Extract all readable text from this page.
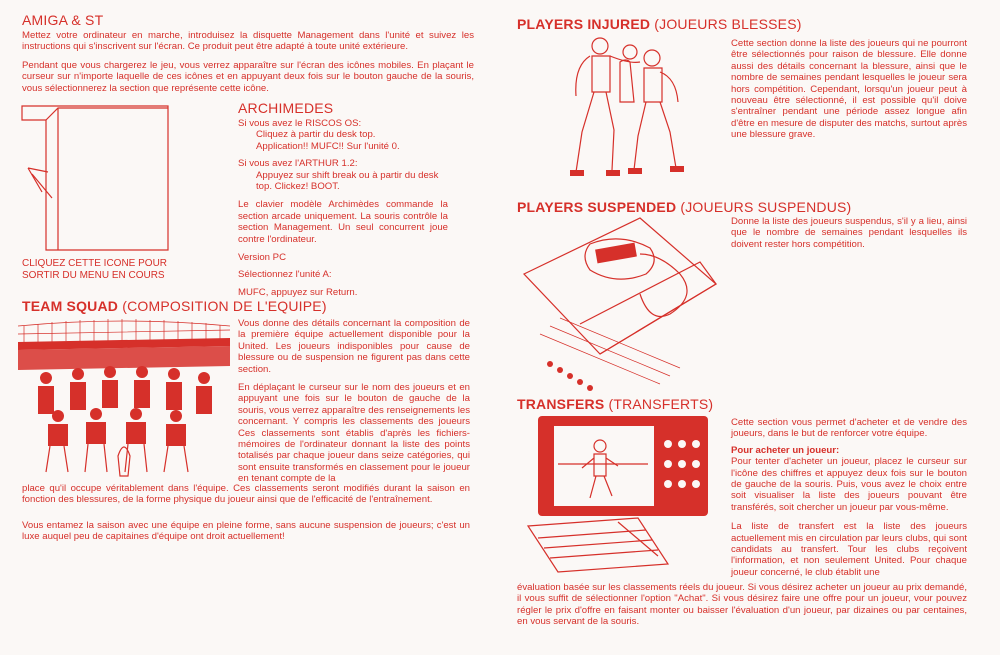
AMIGA & ST

Mettez votre ordinateur en marche, introduisez la disquette Management dans l'unité et suivez les instructions qui s'inscrivent sur l'écran. Ce produit peut être adapté à toute unité extérieure.

Pendant que vous chargerez le jeu, vous verrez apparaître sur l'écran des icônes mobiles. En plaçant le curseur sur n'importe laquelle de ces icônes et en appuyant deux fois sur le bouton gauche de la souris, vous sélectionnerez la section que représente cette icône.

CLIQUEZ CETTE ICONE POUR SORTIR DU MENU EN COURS

ARCHIMEDES

Si vous avez le RISCOS OS:

Cliquez à partir du desk top.

Application!! MUFC!! Sur l'unité 0.

Si vous avez l'ARTHUR 1.2:

Appuyez sur shift break ou à partir du desk top. Clickez! BOOT.

Le clavier modèle Archimèdes commande la section arcade uniquement. La souris contrôle la section Management. Un seul concurrent joue contre l'ordinateur.

Version PC

Sélectionnez l'unité A:

MUFC, appuyez sur Return.

TEAM SQUAD (COMPOSITION DE L'EQUIPE)

Vous donne des détails concernant la composition de la première équipe actuellement disponible pour la United. Les joueurs indisponibles pour cause de blessure ou de suspension ne figurent pas dans cette section.

En déplaçant le curseur sur le nom des joueurs et en appuyant une fois sur le bouton de gauche de la souris, vous verrez apparaître des renseignements les concernant. Y compris les classements des joueurs Ces classements sont établis d'après les fichiers-mémoires de l'ordinateur donnant la liste des points totalisés par chaque joueur dans seize catégories, qui sont ensuite transformés en classement pour le joueur en tenant compte de la

place qu'il occupe véritablement dans l'équipe. Ces classements seront modifiés durant la saison en fonction des blessures, de la forme physique du joueur ainsi que de l'efficacité de l'entraînement.

Vous entamez la saison avec une équipe en pleine forme, sans aucune suspension de joueurs; c'est un luxe auquel peu de capitaines d'équipe ont droit actuellement!

PLAYERS INJURED (JOUEURS BLESSES)

Cette section donne la liste des joueurs qui ne pourront être sélectionnés pour raison de blessure. Elle donne aussi des détails concernant la blessure, ainsi que le nombre de semaines pendant lesquelles le joueur sera hors compétition. Cependant, lorsqu'un joueur peut à nouveau être sélectionné, il est possible qu'il doive s'entraîner pendant une période assez longue afin d'être en mesure de disputer des matchs, surtout après une blessure grave.

PLAYERS SUSPENDED (JOUEURS SUSPENDUS)

Donne la liste des joueurs suspendus, s'il y a lieu, ainsi que le nombre de semaines pendant lesquelles ils doivent rester hors compétition.

TRANSFERS (TRANSFERTS)

Cette section vous permet d'acheter et de vendre des joueurs, dans le but de renforcer votre équipe.

Pour acheter un joueur:

Pour tenter d'acheter un joueur, placez le curseur sur l'icône des chiffres et appuyez deux fois sur le bouton de gauche de la souris. Puis, vous avez le choix entre soit visualiser la liste des joueurs pouvant être transférés, soit chercher un joueur par vous-même.

La liste de transfert est la liste des joueurs actuellement mis en circulation par leurs clubs, qui sont candidats au transfert. Tour les clubs reçoivent l'information, et non seulement United. Pour chaque joueur concerné, le club établit une

évaluation basée sur les classements réels du joueur. Si vous désirez acheter un joueur au prix demandé, il vous suffit de sélectionner l'option "Achat". Si vous désirez faire une offre pour un joueur, vour pouvez régler le prix d'offre en faisant monter ou baisser l'évaluation d'un joueur, par dizaines ou par centaines, en vous servant de la souris.
